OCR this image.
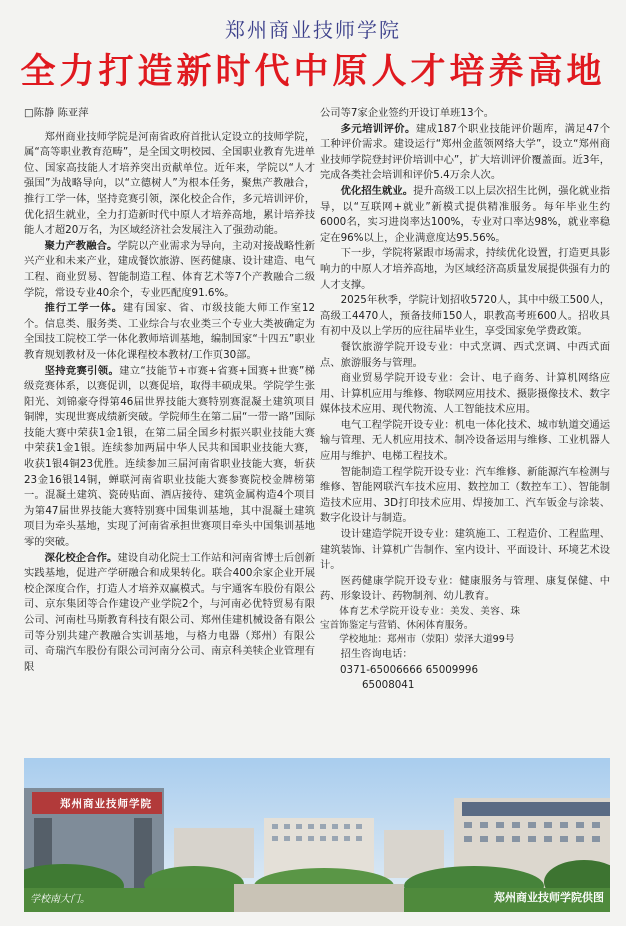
郑州商业技师学院
全力打造新时代中原人才培养高地
□陈静 陈亚萍

郑州商业技师学院是河南省政府首批认定设立的技师学院，属“高等职业教育范畴”，是全国文明校园、全国职业教育先进单位、国家高技能人才培养突出贡献单位。近年来，学院以“人才强国”为战略导向，以“立德树人”为根本任务，聚焦产教融合，推行工学一体，坚持竞赛引领，深化校企合作，多元培训评价，优化招生就业，全力打造新时代中原人才培养高地，累计培养技能人才超20万名，为区域经济社会发展注入了强劲动能。

聚力产教融合。学院以产业需求为导向，主动对接战略性新兴产业和未来产业，建成餐饮旅游、医药健康、设计建造、电气工程、商业贸易、智能制造工程、体育艺术等7个产教融合二级学院，常设专业40余个，专业匹配度91.6%。

推行工学一体。建有国家、省、市级技能大师工作室12个。信息类、服务类、工业综合与农业类三个专业大类被确定为全国技工院校工学一体化教师培训基地，编制国家“十四五”职业教育规划教材及一体化课程校本教材/工作页30部。

坚持竞赛引领。建立“技能节+市赛+省赛+国赛+世赛”梯级竞赛体系，以赛促训，以赛促培，取得丰硕成果。学院学生张阳光、刘锦豪夺得第46届世界技能大赛特别赛混凝土建筑项目铜牌，实现世赛成绩新突破。学院师生在第二届“一带一路”国际技能大赛中荣获1金1银，在第二届全国乡村振兴职业技能大赛中荣获1金1银。连续参加两届中华人民共和国职业技能大赛，收获1银4铜23优胜。连续参加三届河南省职业技能大赛，斩获23金16银14铜，蝉联河南省职业技能大赛参赛院校金牌榜第一。混凝土建筑、瓷砖贴面、酒店接待、建筑金属构造4个项目为第47届世界技能大赛特别赛中国集训基地，其中混凝土建筑项目为牵头基地，实现了河南省承担世赛项目牵头中国集训基地零的突破。

深化校企合作。建设自动化院士工作站和河南省博士后创新实践基地，促进产学研融合和成果转化。联合400余家企业开展校企深度合作，打造人才培养双赢模式。与宇通客车股份有限公司、京东集团等合作建设产业学院2个，与河南必优特贸易有限公司、河南杜马斯教育科技有限公司、郑州佳建机械设备有限公司等分别共建产教融合实训基地，与格力电器（郑州）有限公司、奇瑞汽车股份有限公司河南分公司、南京科美犊企业管理有限

公司等7家企业签约开设订单班13个。

多元培训评价。建成187个职业技能评价题库，满足47个工种评价需求。建设运行“郑州金蓝领网络大学”，设立“郑州商业技师学院登封评价培训中心”，扩大培训评价覆盖面。近3年，完成各类社会培训和评价5.4万余人次。

优化招生就业。提升高级工以上层次招生比例，强化就业指导，以“互联网+就业”新模式提供精准服务。每年毕业生约6000名，实习进岗率达100%，专业对口率达98%，就业率稳定在96%以上，企业满意度达95.56%。

下一步，学院将紧跟市场需求，持续优化设置，打造更具影响力的中原人才培养高地，为区域经济高质量发展提供强有力的人才支撑。

2025年秋季，学院计划招收5720人，其中中级工500人，高级工4470人，预备技师150人，职教高考班600人。招收具有初中及以上学历的应往届毕业生，享受国家免学费政策。

餐饮旅游学院开设专业：中式烹调、西式烹调、中西式面点、旅游服务与管理。

商业贸易学院开设专业：会计、电子商务、计算机网络应用、计算机应用与维修、物联网应用技术、摄影摄像技术、数字媒体技术应用、现代物流、人工智能技术应用。

电气工程学院开设专业：机电一体化技术、城市轨道交通运输与管理、无人机应用技术、制冷设备运用与维修、工业机器人应用与维护、电梯工程技术。

智能制造工程学院开设专业：汽车维修、新能源汽车检测与维修、智能网联汽车技术应用、数控加工（数控车工）、智能制造技术应用、3D打印技术应用、焊接加工、汽车钣金与涂装、数字化设计与制造。

设计建造学院开设专业：建筑施工、工程造价、工程监理、建筑装饰、计算机广告制作、室内设计、平面设计、环境艺术设计。

医药健康学院开设专业：健康服务与管理、康复保健、中药、形象设计、药物制剂、幼儿教育。

体育艺术学院开设专业：美发、美容、珠宝首饰鉴定与营销、休闲体育服务。

学校地址：郑州市（荥阳）荥泽大道99号

招生咨询电话：

0371-65006666 65009996

65008041

郑州商业技师学院
学校南大门。	郑州商业技师学院供图
